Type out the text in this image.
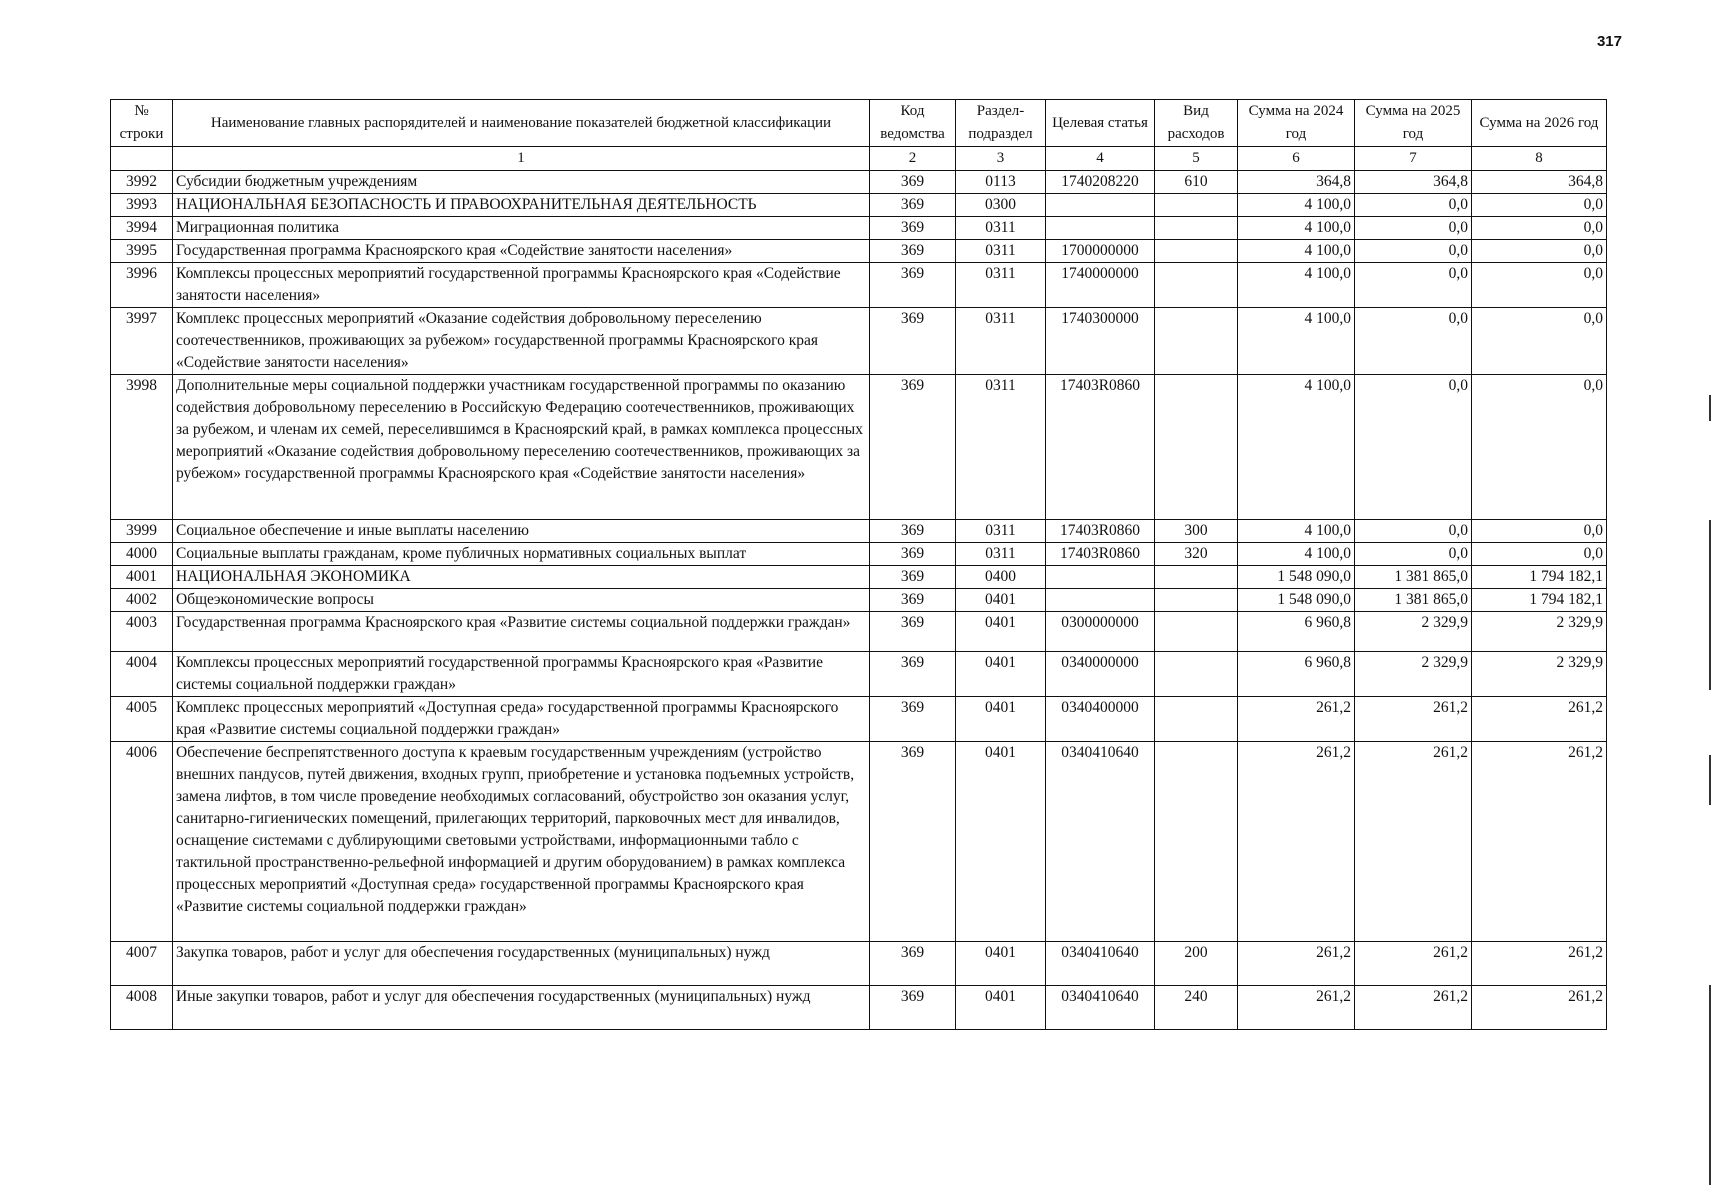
317
№ строки	Наименование главных распорядителей и наименование показателей бюджетной классификации	Код ведомства	Раздел-подраздел	Целевая статья	Вид расходов	Сумма на 2024 год	Сумма на 2025 год	Сумма на 2026 год
	1	2	3	4	5	6	7	8
3992	Субсидии бюджетным учреждениям	369	0113	1740208220	610	364,8	364,8	364,8
3993	НАЦИОНАЛЬНАЯ БЕЗОПАСНОСТЬ И ПРАВООХРАНИТЕЛЬНАЯ ДЕЯТЕЛЬНОСТЬ	369	0300			4 100,0	0,0	0,0
3994	Миграционная политика	369	0311			4 100,0	0,0	0,0
3995	Государственная программа Красноярского края «Содействие занятости населения»	369	0311	1700000000		4 100,0	0,0	0,0
3996	Комплексы процессных мероприятий государственной программы Красноярского края «Содействие занятости населения»	369	0311	1740000000		4 100,0	0,0	0,0
3997	Комплекс процессных мероприятий «Оказание содействия добровольному переселению соотечественников, проживающих за рубежом» государственной программы Красноярского края «Содействие занятости населения»	369	0311	1740300000		4 100,0	0,0	0,0
3998	Дополнительные меры социальной поддержки участникам государственной программы по оказанию содействия добровольному переселению в Российскую Федерацию соотечественников, проживающих за рубежом, и членам их семей, переселившимся в Красноярский край, в рамках комплекса процессных мероприятий «Оказание содействия добровольному переселению соотечественников, проживающих за рубежом» государственной программы Красноярского края «Содействие занятости населения»	369	0311	17403R0860		4 100,0	0,0	0,0
3999	Социальное обеспечение и иные выплаты населению	369	0311	17403R0860	300	4 100,0	0,0	0,0
4000	Социальные выплаты гражданам, кроме публичных нормативных социальных выплат	369	0311	17403R0860	320	4 100,0	0,0	0,0
4001	НАЦИОНАЛЬНАЯ ЭКОНОМИКА	369	0400			1 548 090,0	1 381 865,0	1 794 182,1
4002	Общеэкономические вопросы	369	0401			1 548 090,0	1 381 865,0	1 794 182,1
4003	Государственная программа Красноярского края «Развитие системы социальной поддержки граждан»	369	0401	0300000000		6 960,8	2 329,9	2 329,9
4004	Комплексы процессных мероприятий государственной программы Красноярского края «Развитие системы социальной поддержки граждан»	369	0401	0340000000		6 960,8	2 329,9	2 329,9
4005	Комплекс процессных мероприятий «Доступная среда» государственной программы Красноярского края «Развитие системы социальной поддержки граждан»	369	0401	0340400000		261,2	261,2	261,2
4006	Обеспечение беспрепятственного доступа к краевым государственным учреждениям (устройство внешних пандусов, путей движения, входных групп, приобретение и установка подъемных устройств, замена лифтов, в том числе проведение необходимых согласований, обустройство зон оказания услуг, санитарно-гигиенических помещений, прилегающих территорий, парковочных мест для инвалидов, оснащение системами с дублирующими световыми устройствами, информационными табло с тактильной пространственно-рельефной информацией и другим оборудованием) в рамках комплекса процессных мероприятий «Доступная среда» государственной программы Красноярского края «Развитие системы социальной поддержки граждан»	369	0401	0340410640		261,2	261,2	261,2
4007	Закупка товаров, работ и услуг для обеспечения государственных (муниципальных) нужд	369	0401	0340410640	200	261,2	261,2	261,2
4008	Иные закупки товаров, работ и услуг для обеспечения государственных (муниципальных) нужд	369	0401	0340410640	240	261,2	261,2	261,2
